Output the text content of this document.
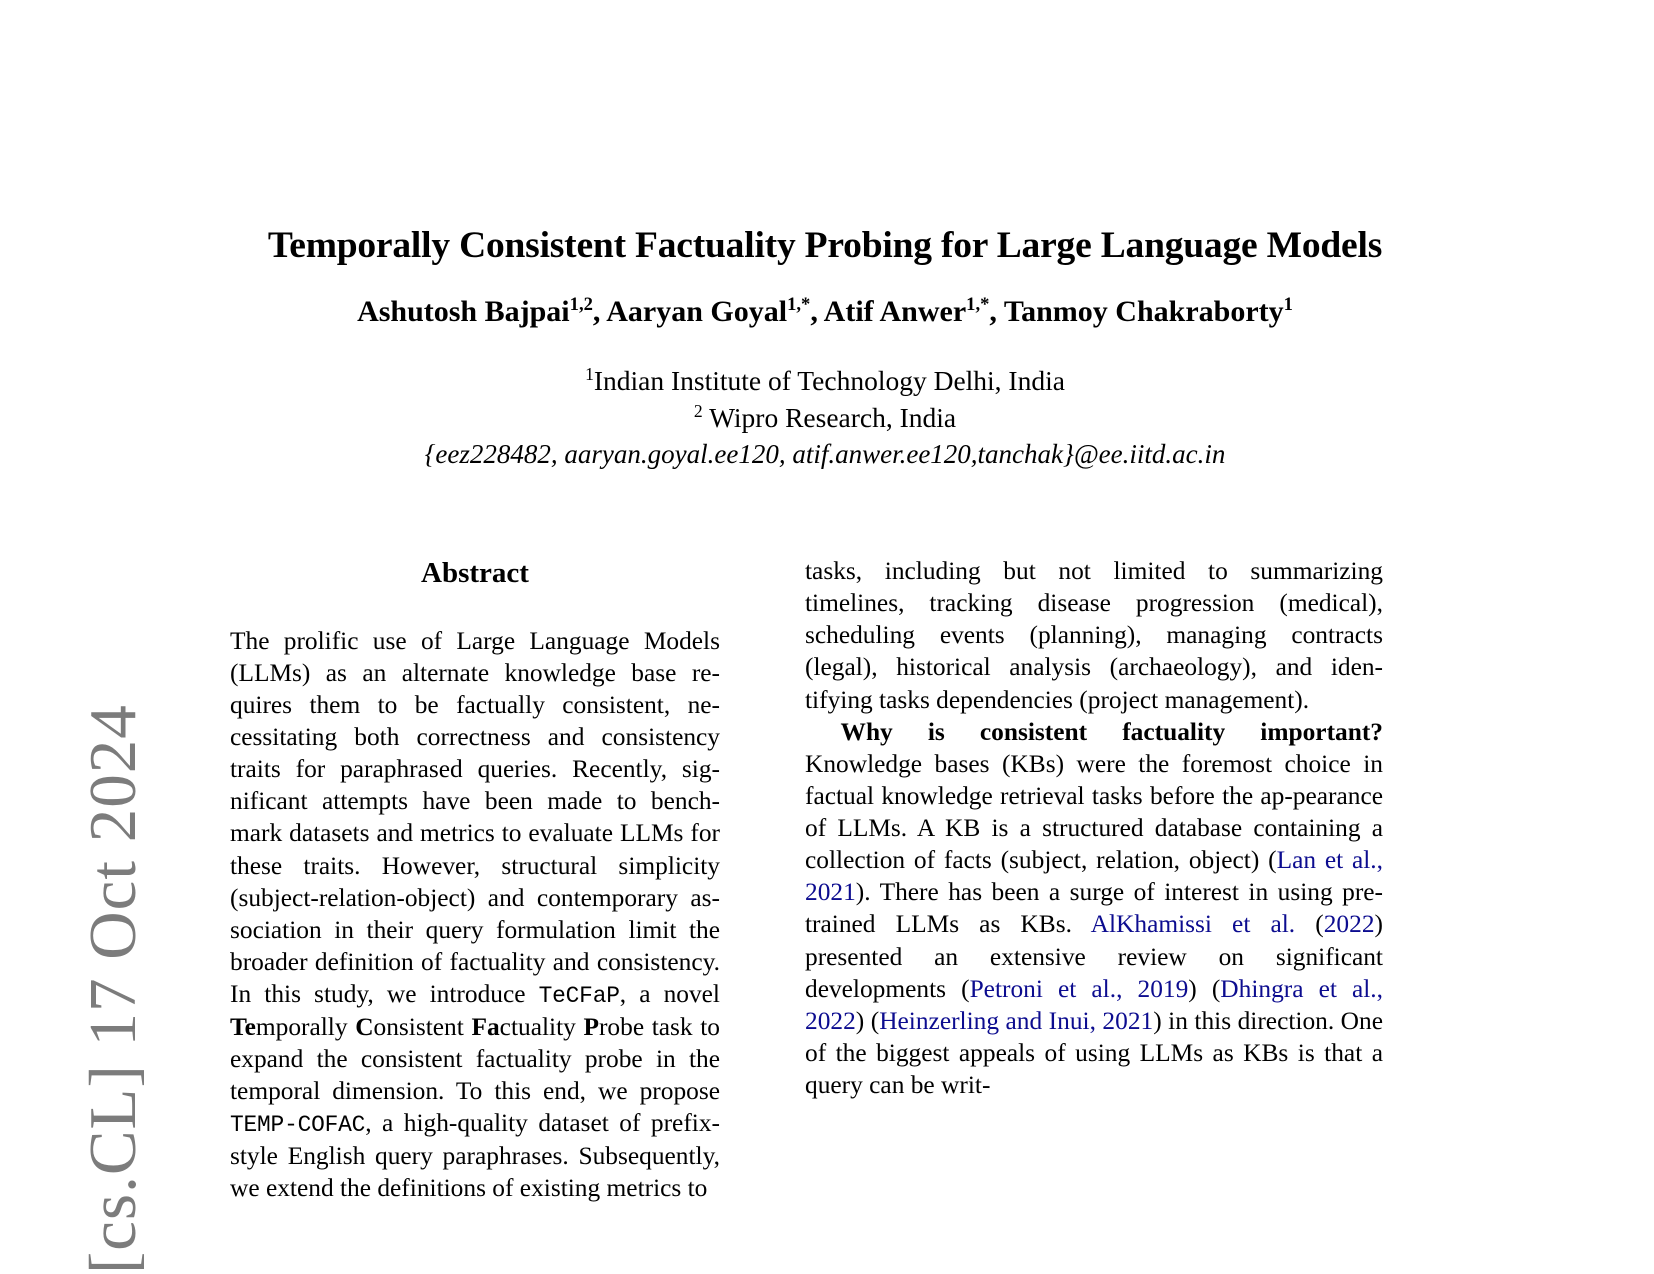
[cs.CL] 17 Oct 2024
Temporally Consistent Factuality Probing for Large Language Models
Ashutosh Bajpai$^{1,2}$, Aaryan Goyal$^{1,*}$, Atif Anwer$^{1,*}$, Tanmoy Chakraborty$^1$
$^1$Indian Institute of Technology Delhi, India
$^2$ Wipro Research, India
{eez228482, aaryan.goyal.ee120, atif.anwer.ee120,tanchak}@ee.iitd.ac.in
Abstract

The prolific use of Large Language Models (LLMs) as an alternate knowledge base re-quires them to be factually consistent, ne-cessitating both correctness and consistency traits for paraphrased queries. Recently, sig-nificant attempts have been made to bench-mark datasets and metrics to evaluate LLMs for these traits. However, structural simplicity (subject-relation-object) and contemporary as-sociation in their query formulation limit the broader definition of factuality and consistency. In this study, we introduce TeCFaP, a novel Temporally Consistent Factuality Probe task to expand the consistent factuality probe in the temporal dimension. To this end, we propose TEMP-COFAC, a high-quality dataset of prefix-style English query paraphrases. Subsequently, we extend the definitions of existing metrics to

tasks, including but not limited to summarizing timelines, tracking disease progression (medical), scheduling events (planning), managing contracts (legal), historical analysis (archaeology), and iden-tifying tasks dependencies (project management).

Why is consistent factuality important? Knowledge bases (KBs) were the foremost choice in factual knowledge retrieval tasks before the ap-pearance of LLMs. A KB is a structured database containing a collection of facts (subject, relation, object) (Lan et al., 2021). There has been a surge of interest in using pre-trained LLMs as KBs. AlKhamissi et al. (2022) presented an extensive review on significant developments (Petroni et al., 2019) (Dhingra et al., 2022) (Heinzerling and Inui, 2021) in this direction. One of the biggest appeals of using LLMs as KBs is that a query can be writ-
